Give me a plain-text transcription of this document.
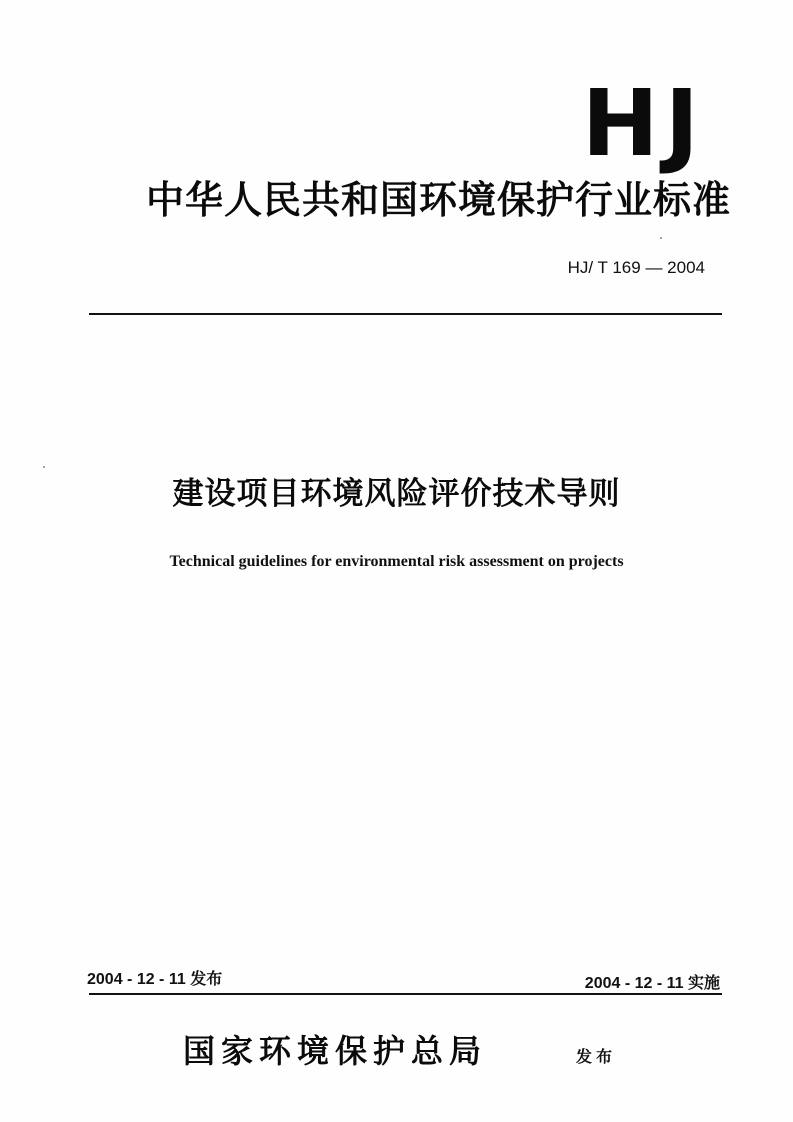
HJ
中华人民共和国环境保护行业标准
HJ/ T 169 — 2004
建设项目环境风险评价技术导则
Technical guidelines for environmental risk assessment on projects
2004 - 12 - 11 发布	2004 - 12 - 11 实施
国家环境保护总局	发布
